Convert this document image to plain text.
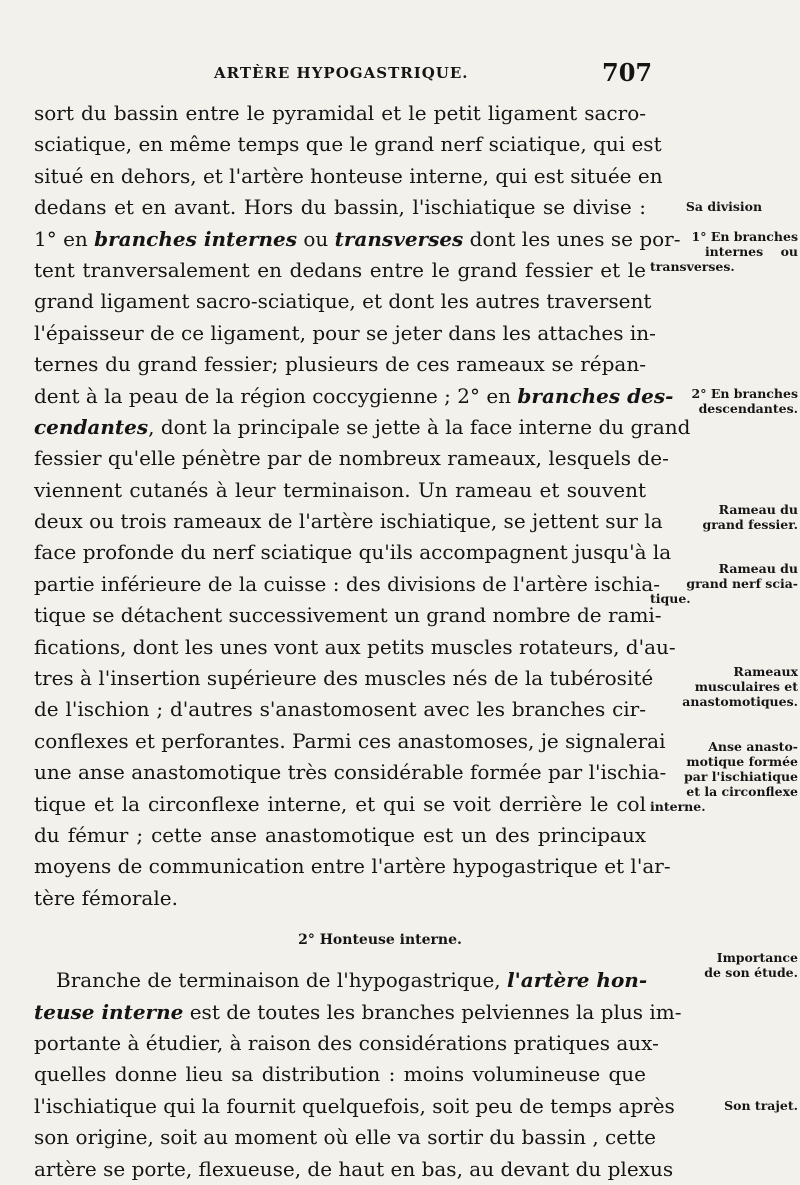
ARTÈRE HYPOGASTRIQUE.	707
sort du bassin entre le pyramidal et le petit ligament sacro-
sciatique, en même temps que le grand nerf sciatique, qui est
situé en dehors, et l'artère honteuse interne, qui est située en
dedans et en avant. Hors du bassin, l'ischiatique se divise :
1° en branches internes ou transverses dont les unes se por-
tent tranversalement en dedans entre le grand fessier et le
grand ligament sacro-sciatique, et dont les autres traversent
l'épaisseur de ce ligament, pour se jeter dans les attaches in-
ternes du grand fessier; plusieurs de ces rameaux se répan-
dent à la peau de la région coccygienne ; 2° en branches des-
cendantes, dont la principale se jette à la face interne du grand
fessier qu'elle pénètre par de nombreux rameaux, lesquels de-
viennent cutanés à leur terminaison. Un rameau et souvent
deux ou trois rameaux de l'artère ischiatique, se jettent sur la
face profonde du nerf sciatique qu'ils accompagnent jusqu'à la
partie inférieure de la cuisse : des divisions de l'artère ischia-
tique se détachent successivement un grand nombre de rami-
fications, dont les unes vont aux petits muscles rotateurs, d'au-
tres à l'insertion supérieure des muscles nés de la tubérosité
de l'ischion ; d'autres s'anastomosent avec les branches cir-
conflexes et perforantes. Parmi ces anastomoses, je signalerai
une anse anastomotique très considérable formée par l'ischia-
tique et la circonflexe interne, et qui se voit derrière le col
du fémur ; cette anse anastomotique est un des principaux
moyens de communication entre l'artère hypogastrique et l'ar-
tère fémorale.
2° Honteuse interne.
Branche de terminaison de l'hypogastrique, l'artère hon-
teuse interne est de toutes les branches pelviennes la plus im-
portante à étudier, à raison des considérations pratiques aux-
quelles donne lieu sa distribution : moins volumineuse que
l'ischiatique qui la fournit quelquefois, soit peu de temps après
son origine, soit au moment où elle va sortir du bassin , cette
artère se porte, flexueuse, de haut en bas, au devant du plexus
Sa division
1° En branches
internes    ou
transverses.
2° En branches
descendantes.
Rameau du
grand fessier.
Rameau du
grand nerf scia-
tique.
Rameaux
musculaires et
anastomotiques.
Anse anasto-
motique formée
par l'ischiatique
et la circonflexe
interne.
Importance
de son étude.
Son trajet.
